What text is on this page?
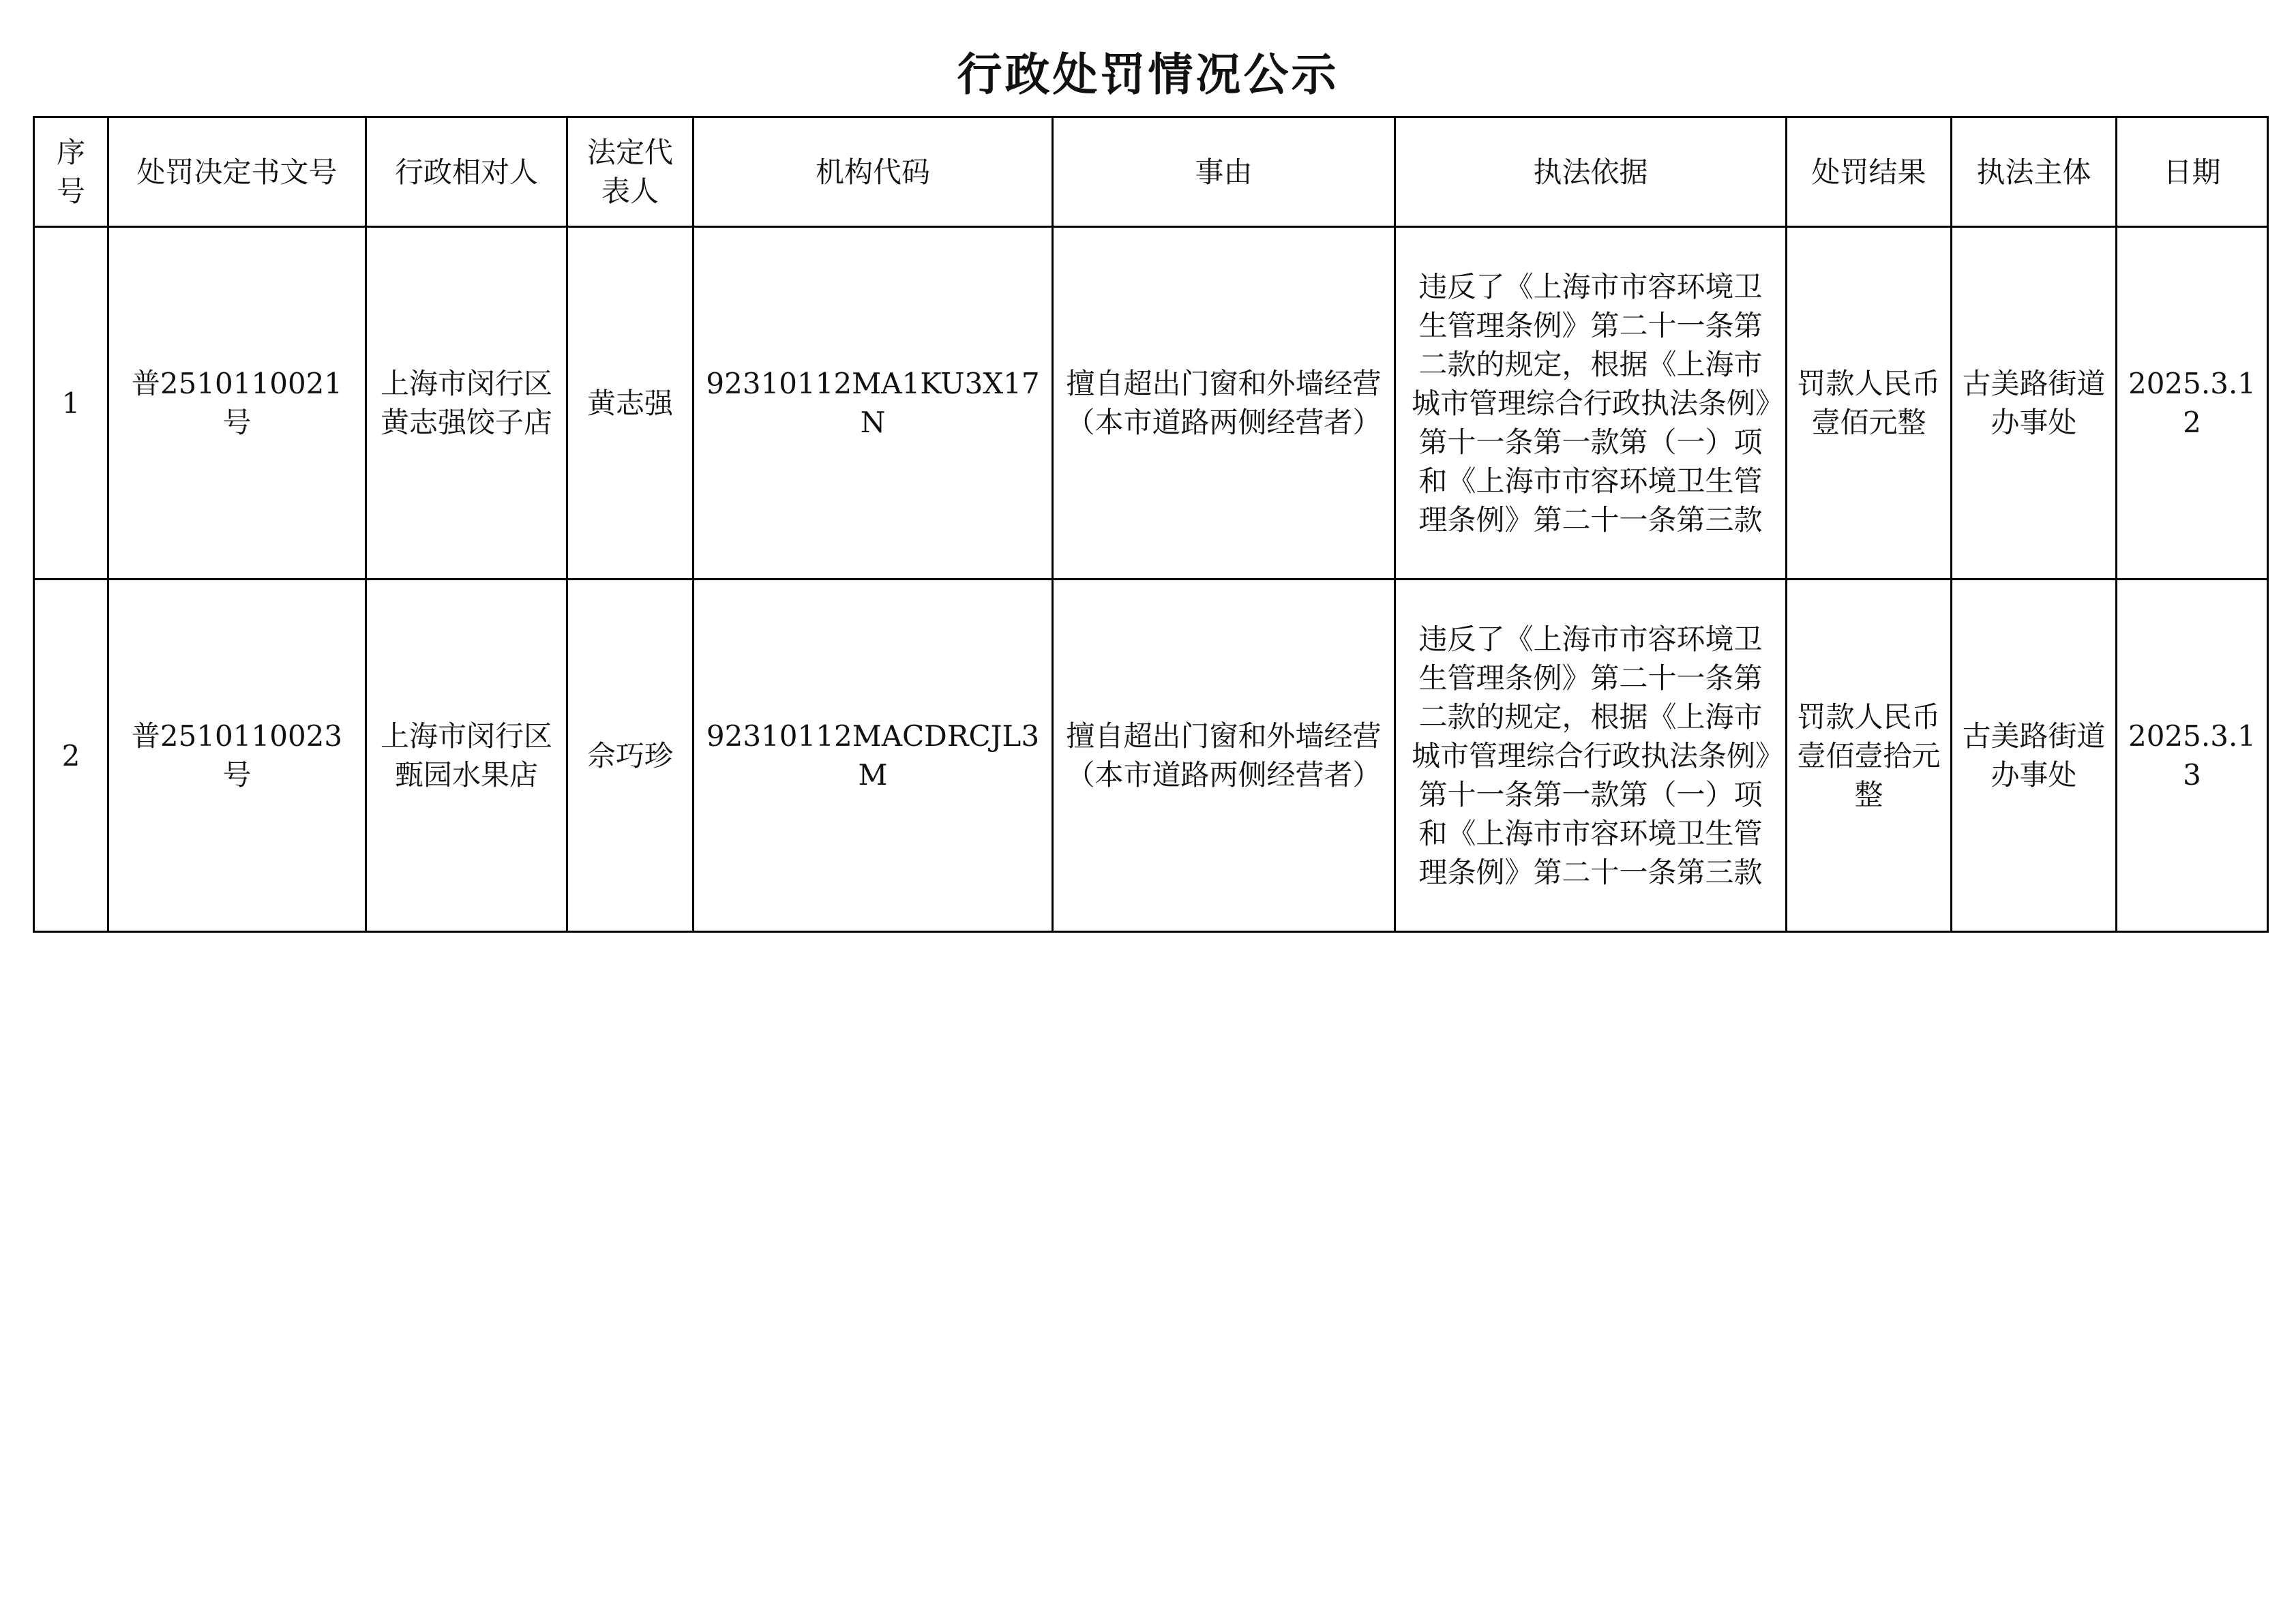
行政处罚情况公示
序号	处罚决定书文号	行政相对人	法定代表人	机构代码	事由	执法依据	处罚结果	执法主体	日期
1	普2510110021号	上海市闵行区黄志强饺子店	黄志强	92310112MA1KU3X17N	擅自超出门窗和外墙经营（本市道路两侧经营者）	违反了《上海市市容环境卫生管理条例》第二十一条第二款的规定，根据《上海市城市管理综合行政执法条例》第十一条第一款第（一）项和《上海市市容环境卫生管理条例》第二十一条第三款	罚款人民币壹佰元整	古美路街道办事处	2025.3.12
2	普2510110023号	上海市闵行区甄园水果店	佘巧珍	92310112MACDRCJL3M	擅自超出门窗和外墙经营（本市道路两侧经营者）	违反了《上海市市容环境卫生管理条例》第二十一条第二款的规定，根据《上海市城市管理综合行政执法条例》第十一条第一款第（一）项和《上海市市容环境卫生管理条例》第二十一条第三款	罚款人民币壹佰壹拾元整	古美路街道办事处	2025.3.13
